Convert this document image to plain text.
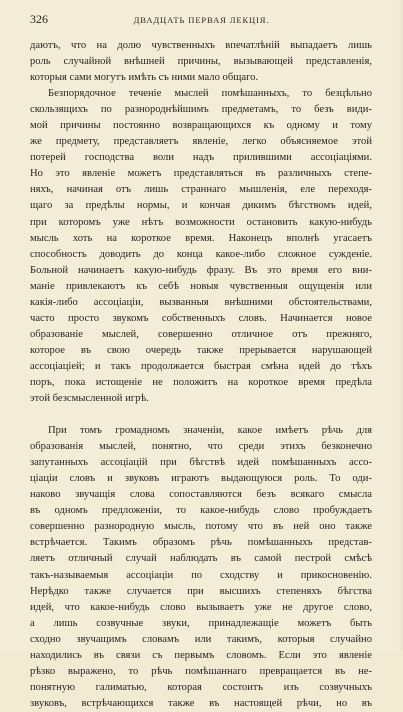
326	ДВАДЦАТЬ ПЕРВАЯ ЛЕКЦІЯ.
даютъ, что на долю чувственныхъ впечатлѣній выпадаетъ лишь
роль случайной внѣшней причины, вызывающей представленія,
которыя сами могутъ имѣть съ ними мало общаго.
Безпорядочное теченіе мыслей помѣшанныхъ, то безцѣльно
скользящихъ по разнороднѣйшимъ предметамъ, то безъ види-
мой причины постоянно возвращающихся къ одному и тому
же предмету, представляетъ явленіе, легко объясняемое этой
потерей господства воли надъ прилившими ассоціаціями.
Но это явленіе можетъ представляться въ различныхъ степе-
няхъ, начиная отъ лишь страннаго мышленія, еле переходя-
щаго за предѣлы нормы, и кончая дикимъ бѣгствомъ идей,
при которомъ уже нѣтъ возможности остановить какую-нибудь
мысль хоть на короткое время. Наконецъ вполнѣ угасаетъ
способность доводить до конца какое-либо сложное сужденіе.
Больной начинаетъ какую-нибудь фразу. Въ это время его вни-
маніе привлекаютъ къ себѣ новыя чувственныя ощущенія или
какія-либо ассоціаціи, вызванныя внѣшними обстоятельствами,
часто просто звукомъ собственныхъ словъ. Начинается новое
образованіе мыслей, совершенно отличное отъ прежняго,
которое въ свою очередь также прерывается нарушающей
ассоціаціей; и такъ продолжается быстрая смѣна идей до тѣхъ
поръ, пока истощеніе не положитъ на короткое время предѣла
этой безсмысленной игрѣ.
При томъ громадномъ значеніи, какое имѣетъ рѣчь для
образованія мыслей, понятно, что среди этихъ безконечно
запутанныхъ ассоціацій при бѣгствѣ идей помѣшанныхъ ассо-
ціаціи словъ и звуковъ играютъ выдающуюся роль. То оди-
наково звучащія слова сопоставляются безъ всякаго смысла
въ одномъ предложеніи, то какое-нибудь слово пробуждаетъ
совершенно разнородную мысль, потому что въ ней оно также
встрѣчается. Такимъ образомъ рѣчь помѣшанныхъ представ-
ляетъ отличный случай наблюдать въ самой пестрой смѣсѣ
такъ-называемыя ассоціаціи по сходству и прикосновенію.
Нерѣдко также случается при высшихъ степеняхъ бѣгства
идей, что какое-нибудь слово вызываетъ уже не другое слово,
а лишь созвучные звуки, принадлежащіе можетъ быть
сходно звучащимъ словамъ или такимъ, которыя случайно
находились въ связи съ первымъ словомъ. Если это явленіе
рѣзко выражено, то рѣчь помѣшаннаго превращается въ не-
понятную галиматью, которая состоитъ изъ созвучныхъ
звуковъ, встрѣчающихся также въ настоящей рѣчи, но въ
